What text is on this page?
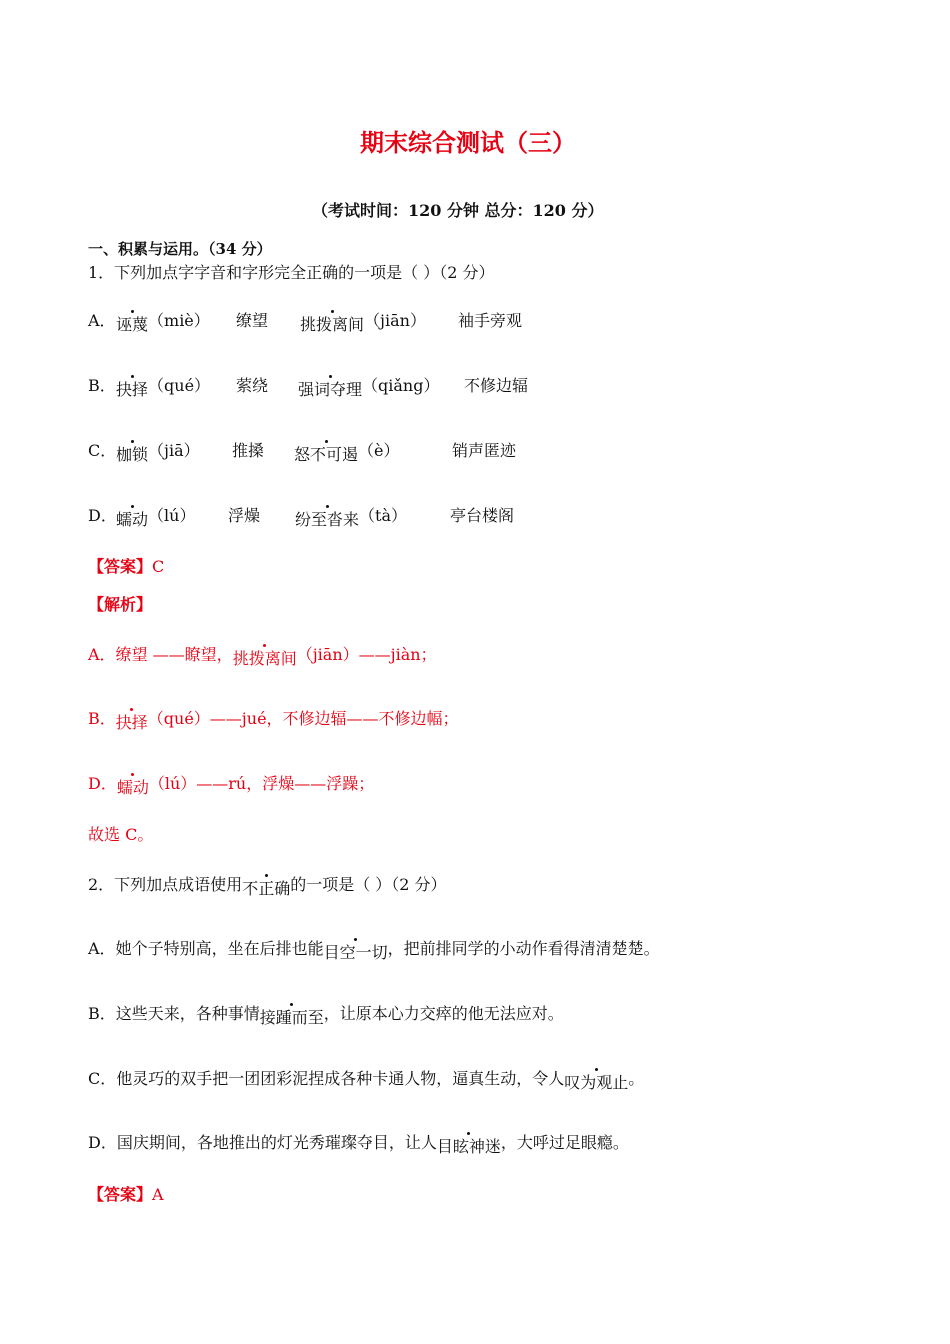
期末综合测试（三）
（考试时间：120 分钟 总分：120 分）
一、积累与运用。（34 分）
1．下列加点字字音和字形完全正确的一项是（ ）（2 分）
A． 诬蔑（miè） 缭望 挑拨离间（jiān） 袖手旁观
B． 抉择（qué） 萦绕 强词夺理（qiǎng） 不修边辐
C． 枷锁（jiā） 推搡 怒不可遏（è）	销声匿迹
D． 蠕动（lú） 浮燥 纷至沓来（tà）	亭台楼阁
【答案】C
【解析】
A．缭望 ——瞭望，挑拨离间（jiān）——jiàn；
B．抉择（qué）——jué，不修边辐——不修边幅；
D．蠕动（lú）——rú，浮燥——浮躁；
故选 C。
2．下列加点成语使用不正确的一项是（ ）（2 分）
A．她个子特别高，坐在后排也能目空一切，把前排同学的小动作看得清清楚楚。
B．这些天来，各种事情接踵而至，让原本心力交瘁的他无法应对。
C．他灵巧的双手把一团团彩泥捏成各种卡通人物，逼真生动，令人叹为观止。
D．国庆期间，各地推出的灯光秀璀璨夺目，让人目眩神迷，大呼过足眼瘾。
【答案】A
